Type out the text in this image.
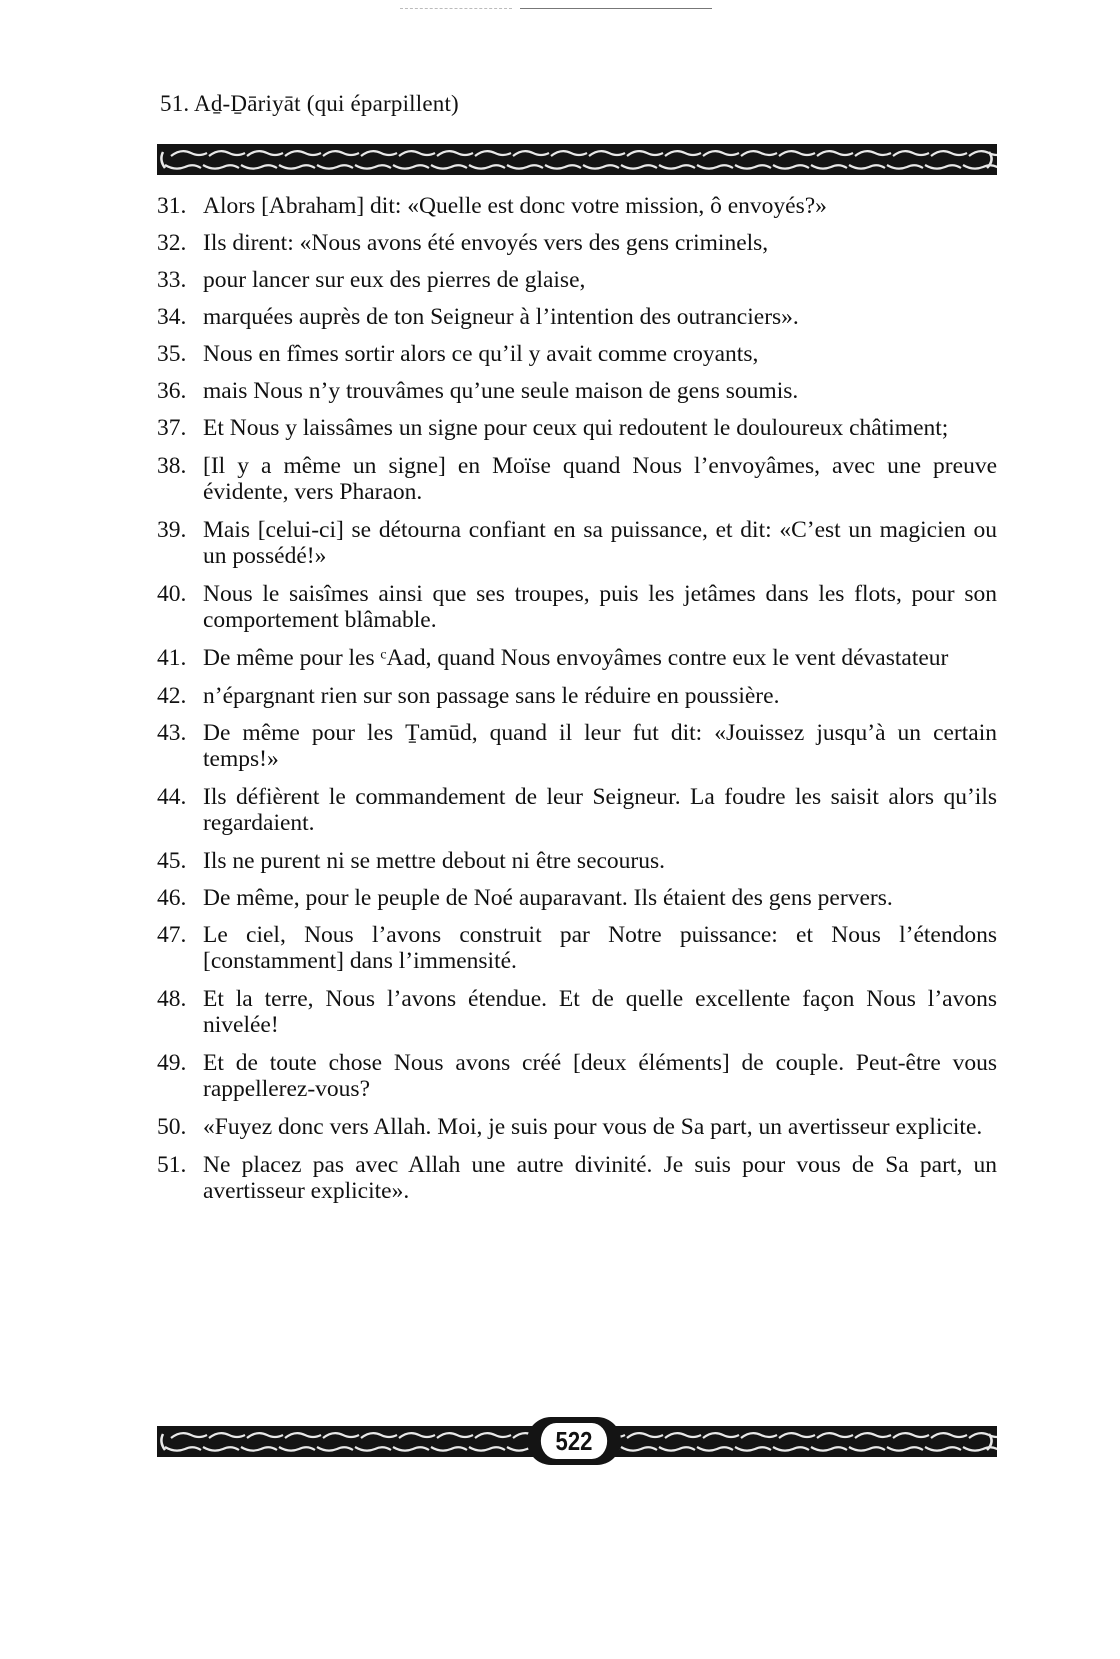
51. Aḏ-Ḏāriyāt (qui éparpillent)
31. Alors [Abraham] dit: «Quelle est donc votre mission, ô envoyés?»
32. Ils dirent: «Nous avons été envoyés vers des gens criminels,
33. pour lancer sur eux des pierres de glaise,
34. marquées auprès de ton Seigneur à l’intention des outranciers».
35. Nous en fîmes sortir alors ce qu’il y avait comme croyants,
36. mais Nous n’y trouvâmes qu’une seule maison de gens soumis.
37. Et Nous y laissâmes un signe pour ceux qui redoutent le douloureux châtiment;
38. [Il y a même un signe] en Moïse quand Nous l’envoyâmes, avec une preuve évidente, vers Pharaon.
39. Mais [celui-ci] se détourna confiant en sa puissance, et dit: «C’est un magicien ou un possédé!»
40. Nous le saisîmes ainsi que ses troupes, puis les jetâmes dans les flots, pour son comportement blâmable.
41. De même pour les ᶜAad, quand Nous envoyâmes contre eux le vent dévastateur
42. n’épargnant rien sur son passage sans le réduire en poussière.
43. De même pour les Ṯamūd, quand il leur fut dit: «Jouissez jusqu’à un certain temps!»
44. Ils défièrent le commandement de leur Seigneur. La foudre les saisit alors qu’ils regardaient.
45. Ils ne purent ni se mettre debout ni être secourus.
46. De même, pour le peuple de Noé auparavant. Ils étaient des gens pervers.
47. Le ciel, Nous l’avons construit par Notre puissance: et Nous l’étendons [constamment] dans l’immensité.
48. Et la terre, Nous l’avons étendue. Et de quelle excellente façon Nous l’avons nivelée!
49. Et de toute chose Nous avons créé [deux éléments] de couple. Peut-être vous rappellerez-vous?
50. «Fuyez donc vers Allah. Moi, je suis pour vous de Sa part, un avertisseur explicite.
51. Ne placez pas avec Allah une autre divinité. Je suis pour vous de Sa part, un avertisseur explicite».
522
